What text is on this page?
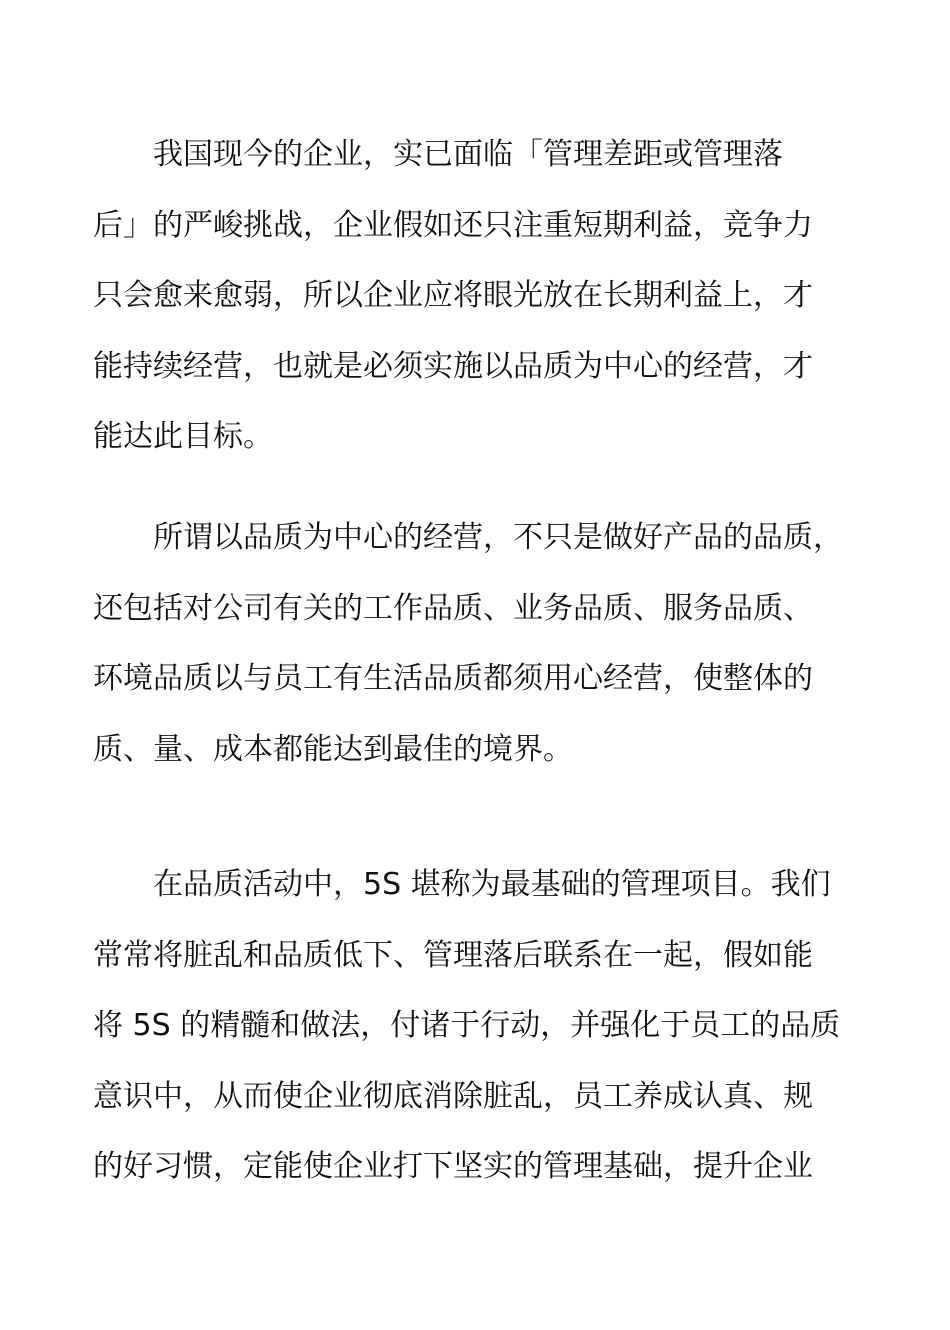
我国现今的企业，实已面临「管理差距或管理落
后」的严峻挑战，企业假如还只注重短期利益，竞争力
只会愈来愈弱，所以企业应将眼光放在长期利益上，才
能持续经营，也就是必须实施以品质为中心的经营，才
能达此目标。
所谓以品质为中心的经营，不只是做好产品的品质，
还包括对公司有关的工作品质、业务品质、服务品质、
环境品质以与员工有生活品质都须用心经营，使整体的
质、量、成本都能达到最佳的境界。
在品质活动中，5S 堪称为最基础的管理项目。我们
常常将脏乱和品质低下、管理落后联系在一起，假如能
将 5S 的精髓和做法，付诸于行动，并强化于员工的品质
意识中，从而使企业彻底消除脏乱，员工养成认真、规
的好习惯，定能使企业打下坚实的管理基础，提升企业
